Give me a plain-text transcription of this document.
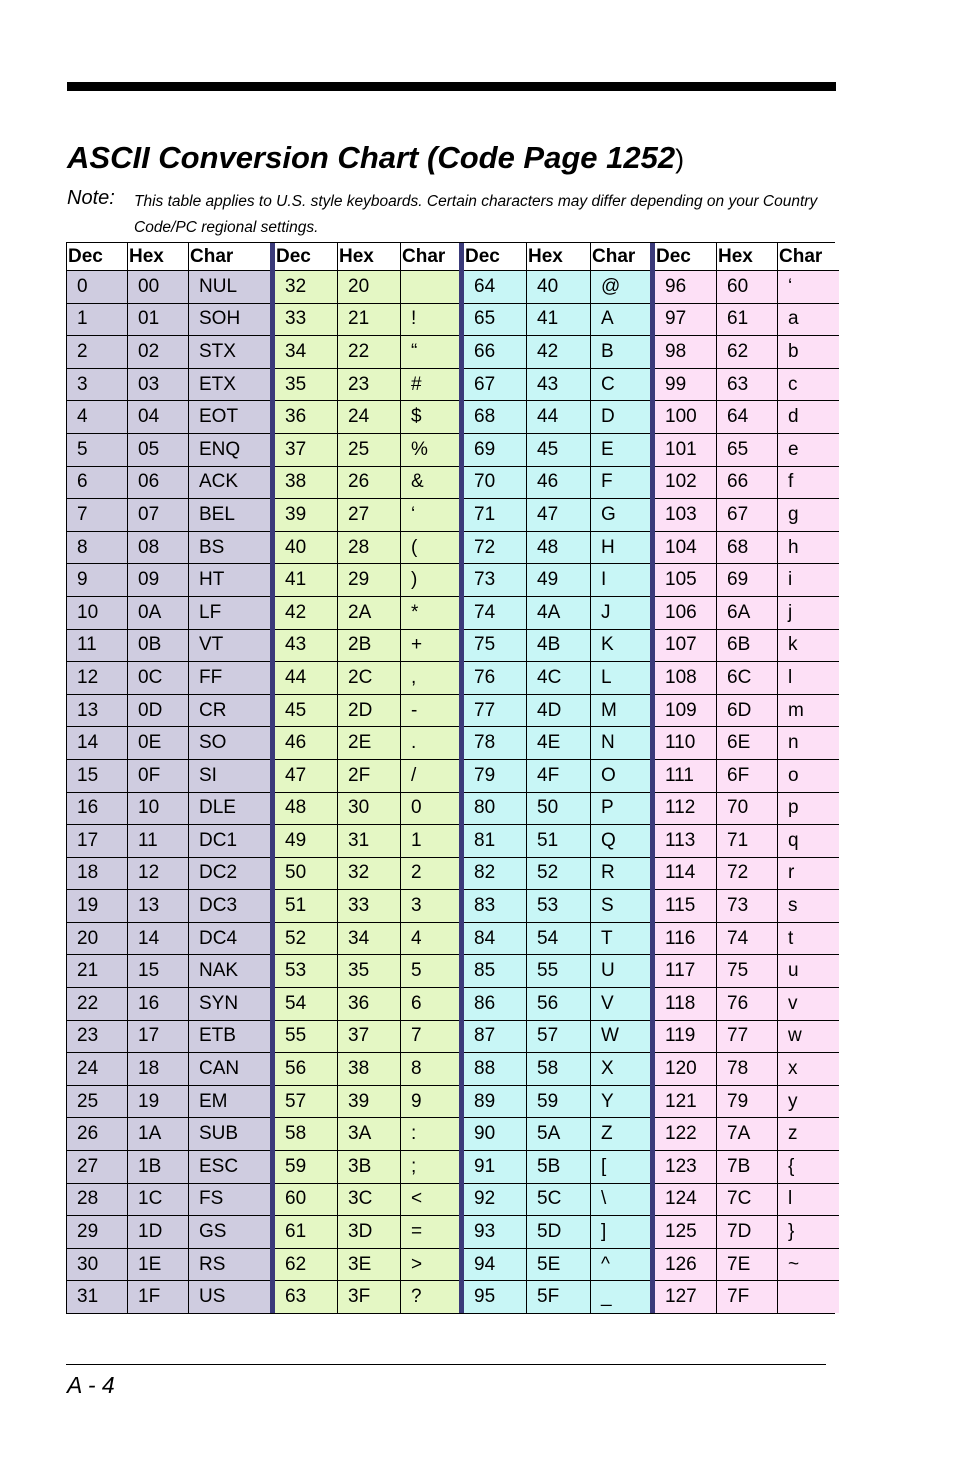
ASCII Conversion Chart (Code Page 1252)
Note: This table applies to U.S. style keyboards. Certain characters may differ depending on your Country Code/PC regional settings.
Dec	Hex	Char
0	00	NUL
1	01	SOH
2	02	STX
3	03	ETX
4	04	EOT
5	05	ENQ
6	06	ACK
7	07	BEL
8	08	BS
9	09	HT
10	0A	LF
11	0B	VT
12	0C	FF
13	0D	CR
14	0E	SO
15	0F	SI
16	10	DLE
17	11	DC1
18	12	DC2
19	13	DC3
20	14	DC4
21	15	NAK
22	16	SYN
23	17	ETB
24	18	CAN
25	19	EM
26	1A	SUB
27	1B	ESC
28	1C	FS
29	1D	GS
30	1E	RS
31	1F	US
Dec	Hex	Char
32	20
33	21	!
34	22	“
35	23	#
36	24	$
37	25	%
38	26	&
39	27	‘
40	28	(
41	29	)
42	2A	*
43	2B	+
44	2C	,
45	2D	-
46	2E	.
47	2F	/
48	30	0
49	31	1
50	32	2
51	33	3
52	34	4
53	35	5
54	36	6
55	37	7
56	38	8
57	39	9
58	3A	:
59	3B	;
60	3C	<
61	3D	=
62	3E	>
63	3F	?
Dec	Hex	Char
64	40	@
65	41	A
66	42	B
67	43	C
68	44	D
69	45	E
70	46	F
71	47	G
72	48	H
73	49	I
74	4A	J
75	4B	K
76	4C	L
77	4D	M
78	4E	N
79	4F	O
80	50	P
81	51	Q
82	52	R
83	53	S
84	54	T
85	55	U
86	56	V
87	57	W
88	58	X
89	59	Y
90	5A	Z
91	5B	[
92	5C	\
93	5D	]
94	5E	^
95	5F	_
Dec	Hex	Char
96	60	‘
97	61	a
98	62	b
99	63	c
100	64	d
101	65	e
102	66	f
103	67	g
104	68	h
105	69	i
106	6A	j
107	6B	k
108	6C	l
109	6D	m
110	6E	n
111	6F	o
112	70	p
113	71	q
114	72	r
115	73	s
116	74	t
117	75	u
118	76	v
119	77	w
120	78	x
121	79	y
122	7A	z
123	7B	{
124	7C	l
125	7D	}
126	7E	~
127	7F
A - 4
